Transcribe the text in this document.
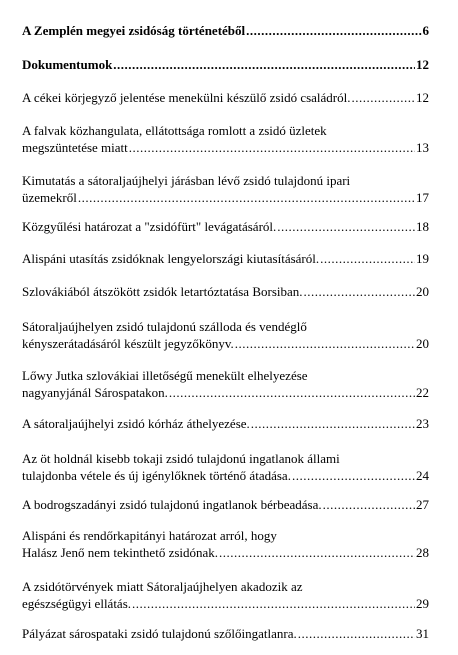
A Zemplén megyei zsidóság történetéből .....	6
Dokumentumok .....	12
A cékei körjegyző jelentése menekülni készülő zsidó családról. .....	12
A falvak közhangulata, ellátottsága romlott a zsidó üzletek
megszüntetése miatt .....	13
Kimutatás a sátoraljaújhelyi járásban lévő zsidó tulajdonú ipari
üzemekről .....	17
Közgyűlési határozat a "zsidófürt" levágatásáról. .....	18
Alispáni utasítás zsidóknak lengyelországi kiutasításáról. .....	19
Szlovákiából átszökött zsidók letartóztatása Borsiban. .....	20
Sátoraljaújhelyen zsidó tulajdonú szálloda és vendéglő
kényszerátadásáról készült jegyzőkönyv. .....	20
Lőwy Jutka szlovákiai illetőségű menekült elhelyezése
nagyanyjánál Sárospatakon. .....	22
A sátoraljaújhelyi zsidó kórház áthelyezése. .....	23
Az öt holdnál kisebb tokaji zsidó tulajdonú ingatlanok állami
tulajdonba vétele és új igénylőknek történő átadása. .....	24
A bodrogszadányi zsidó tulajdonú ingatlanok bérbeadása. .....	27
Alispáni és rendőrkapitányi határozat arról, hogy
Halász Jenő nem tekinthető zsidónak. .....	28
A zsidótörvények miatt Sátoraljaújhelyen akadozik az
egészségügyi ellátás. .....	29
Pályázat sárospataki zsidó tulajdonú szőlőingatlanra. .....	31
